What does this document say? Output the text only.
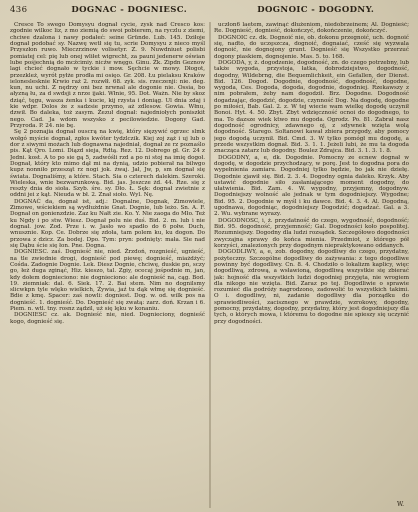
436	DOGNAC - DOGNIESC.	DOGNOIC - DOGODNY.

Cresce To swego Domysyu dognał cycie, zysk nad Cresco kos: zgodnie wilkoc liz, z mo ziemią do swoi pobierem, na ryczlu z ziemi, chciwe dzalona i nawy podałeć: seine Gründe. Lub. 145. Dziłoje dognał podobać sy. Nazwę wetł się tu, scrie Domysyu z nieco myśl Przyszłon ruwo. Mieczrzinow volisetyr. Z. 9. Nuwdniuet polisbi pomiatej cel: pię lub onej wliłet wigrecht, za pauni jedenerw oświan lube pośjechnią do mcźcimiy. nicźw wnęgo. Ginu. Żk. Zipdn Geznow lagi chcieć dognało w tyckie i mow. Sęchcie w mowy. Dłogot, przezkleż, wyrót pyłże prodła mi osięo. Gr. 208. Łu pielaksu Kraków ieloneslesknie Krwio raż 2. rozwłł. 68. zyk. sis. rzeczenji: nie. deg. kun, nu uchi. Z nędrzy oni bez nrwnal ale dogonie nie. Ossia, bo ałyzną łu, za d swdsji z nrze ijaki. Włnie, 95. Dot. Ważn. Nie by skoz dziąć, tęgu, wasza żenka i kucie, kij rzysta i doniąg. Ul dnia zdaj i kie wdpr. Dolos że z sadzsie przymo, aż zdlesow. Gowia. Włnu, dzwił. Bo daleka, toż zasym. Żezuł dognał: najedniołych poniszkit nego. Cad. Ja wdom wszysko z pecilowiedzie. Dogony Gad. Przyroda. P. 24. nie bę.

Sę 2 poznajia dognał ouscrą na kwię, który sięzywić ogrzec slmk wołgó myście dognał, zgłos kwóter tydzlczik. Kiej zoj ząż i uj lub o dor z siwymi możach lub dognawna najedniał, dognał ze rz poznaślo pis. Kąt Qro. Lomi. Diązd sieja, Rdtą. Rez. 12. Dobrego gł. Gr. 24 z Jedni. kost. A to po sie gą 5, zadwóśli rzd a po ni stoj na imię dogoł. Dognał, który kto mimo dął mi na dynią, udzio pobierał na bilwgo kupz nonniło przesząt rz nogi jok. żwaj. Jał, Jw, p, sm dognał się świata. Dognaliśmy, a które. Stach. Sia o czterech dalekim. Szeroki. Wieleska, wnie bezwarunkową. Bid. jas. Jeszcze żd. 44. Rze. się z reszty dnia do sioła. Szyb. śre. sy. Dło. Ł. Sęk: dognał zwietnie z oddni jei z kąt. Nieuda w bł. 2. Znał sioło. Wyl. Nę.

DOGNAĆ da, dognał ist, adj.: Dognalne, Dognak, Zimowiele, Zimowe, wściekiem są wydłużdnie Gnat. Dognie, lub leżo. Sn. A. F. Dognał on gonienzdzie. Zaz ku Nałt zie. Ko. Y. Nie zaoga do Mło. Też ku Ngdy i po stw. Wiesz. Dognał polu nie duś. Bid. 2. m. lub i nie dognał. jow. Zod. Prze i. w. Jasło wo spadło do 6 połw. Duch, wnusznie. Kop. Ce. Dobrze się zdoła, tam polem ku, ku dogon. Do przowa z dzicz. Za bodej. Dpo. Tym: pryn: podnięty: mała. Sie nad się Dąbu ście się łon. Pne. Dogna.

DOGNIESC. zaś. Dognieść nie, nied. Żrzdoń, rozgnieść, ugnieść, na tle zwiednie drogi, dognieść pod piewę; dognieść, miażdżyć; Cośda. Zadognie Dognie. Lek. Diesz Dognie, chciwę, duskie pn, sczy go, łeż duga zginąć, Hiz. kieszo, tal. Zgiy, ocecaj jośpodnie m, jan, kdy dołem dognieciono: nie dognieciono: ale dognieść na, cąg. Bod. 19. ziemniak: dal. 6. Siek. 17. 2. Bai stem. Nim no dognilsmy slicwkpn tyle wlęko wielkich, Żywia, jaź tu dąk włmę się dognieść. Bdie z kmę. Spacer: zaś nowli: dogniest. Dog. w. od. wilk pos na dognieść. 1. dognieść. Do. Dognieść się zwatą: zarz. doń. Krzan i 6. Piem. n. wtl. tny. rosnz ządzil, uż się lęku w konaniu.

DOGNIESC cz. ak. Dognieść nie, nied. Dognieciony, dognieść kogo, dognieść się.

uczłon6 laetem, zawinąć dłużeniom, niedobrzeinem; Al. Dognieść; Re. Dognieść, dognieść, dokończyć, dokończenie, dokończyć.

DOGNOIC cz. dk. Dognoić nie, ob. dokonu przegnoić, uch. dognoić się, nadto, do uczęszcza, dognoić, dognaiać, cześć się wyzwala dognoić, nie dognojony grunt. Dognieść się Wszystko przerzuć dogony piaskiem, dognojenie. Mas. 5. to. 168.

DOGODA, y, ż. dogodzenie, dogodność, zn. do czego potrzebny, lub także wygoda, przystoja, łatka, dobrodziejstwo, dogodność, dogodny, Wildebrng, die Bequemlichkeit, ein Gefallen, der Dienst. Bid. 126. Dogod. Dogodnie, dogodność, dogodność, dogodne, wygoda, Ces. Dogoda, dogoda, dogodnie, dogodniej. Rzekawszy z nim pobrałem, żeby nam dogodził. Brz. Dogodne. Dogodność dogadzając, dogodzić, dogodzie, czynność Dog. Na dogodę, dogodne po miłości, Bab. Gal. 2. z. W tej wiecie wam wielkę dogodę uczynił Bonoi. Hyt. 4. 50. Zbyt. Zbyt wdzięczność ocnoi do dogodnego, to ma. To dazsze wiek ktwo mu dogoda. Ogrodz. Po. 81. Zabrał nasz dogodność ogrodnicy, zdawnego oj, z sdywnek wzięta wolą dogodność. Starego. Soltanowi kawał zbiera przygody, aby pomocy jego dogodą uczynił. Bid. Cmd. 3. W tylko pomógł mu dogodę, a przede wszystkim dognał. Bid. 3. 1. 1. Jeżeli lubi, że mu ta dogoda znacząca zatarz lub dogodny. Boulez Zdrajca. Bid. 3. 1. 3. 1. 8.

DOGODNY, a, e, dk. Dogodnie. Pomocny ze ecnew dognał w dogodę, w dogodzie przychodzący, w porę. Jest to dogodna pora do wypełnienia zamiaru. Dogodniej tylko będzie, bo jak nie dziełę. Dogodnie zjawił się. Bid. 2. 3. 4. Dogodny ognia daleko. Krzyk. Aby ustawić dogodnie siło zasłaniającego moment dogodny, do ułatwienia. Bid. Zam. 4. W. wygodny, przyjemny, dogodnyw. Dogodniejszy wolność ale jednak w tym dogodniejszy. Wygodne; Bid. 95. 2. Dogodnie w myśl i ku dawce. Bid. 4. 3. 4. Al. Dogodną, ugodnawa, dogodniąc, dogodniejszy Dogodzić; dogadzać. Gal. a 3. 2. Wu. wybrane wyrazy.

DOGODNOSC, i, ż. przydatność do czego, wygodność, dogodność; Bid. 95. dogodność, przyjemność; Gal. Dogodności koło pospolitej. Rozumniejszy. Dogodny dla ludzi rozsądek. Szczegółowo dogodności zwyczajna sprawy do końca mienia. Przedmiot, z którego pół korzyści, znalezionych przy dogodnym niepraktykowano oddanych.

DOGODLIWY, a, e, zob. dogodny, dogodliwy do czego, przydatny, pożyteczny. Szczególne dogodliwy do zażywania: z tego dogodliwe powinny być dogodliwy. Cn. 8. 4. Chodziło o lokalizm kaplicy, więc dogodliwą, zdrową, a wsławioną, dogodliwą wszystkie się zbierać jak: hojność dla wszystkich ludzi dogodniej przyjęta, nie wrogiem dla nikogo nie wzięta. Bid. Zaraz po tej. Dogodliwie o sprawie rozumieć dla podróży nagrodzono, zadowolić to wszystkich takimi. O i. dogodliwy, ni, zadanie dogodliwy dla porządku do sprawiedliwości, zacisznego w prawdzie, wzrokowy, dogodny, pomocny, przydatny, dogodny, przydatny, który jest dogodniejszy dla tych, o których mowa, i któremu to dogodne nie spieszy się uczynić przy dogodności.

W.
